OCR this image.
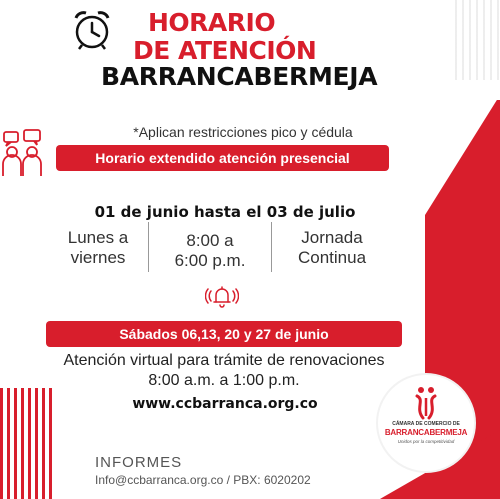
HORARIO
DE ATENCIÓN
BARRANCABERMEJA
*Aplican restricciones pico y cédula
Horario extendido atención presencial
01 de junio hasta el 03 de julio
Lunes a
viernes
8:00 a
6:00 p.m.
Jornada
Continua
Sábados 06,13, 20 y 27 de junio
Atención virtual para trámite de renovaciones
8:00 a.m. a 1:00 p.m.
www.ccbarranca.org.co
CÁMARA DE COMERCIO DE
BARRANCABERMEJA
Unidos por la competitividad
INFORMES
Info@ccbarranca.org.co / PBX: 6020202
